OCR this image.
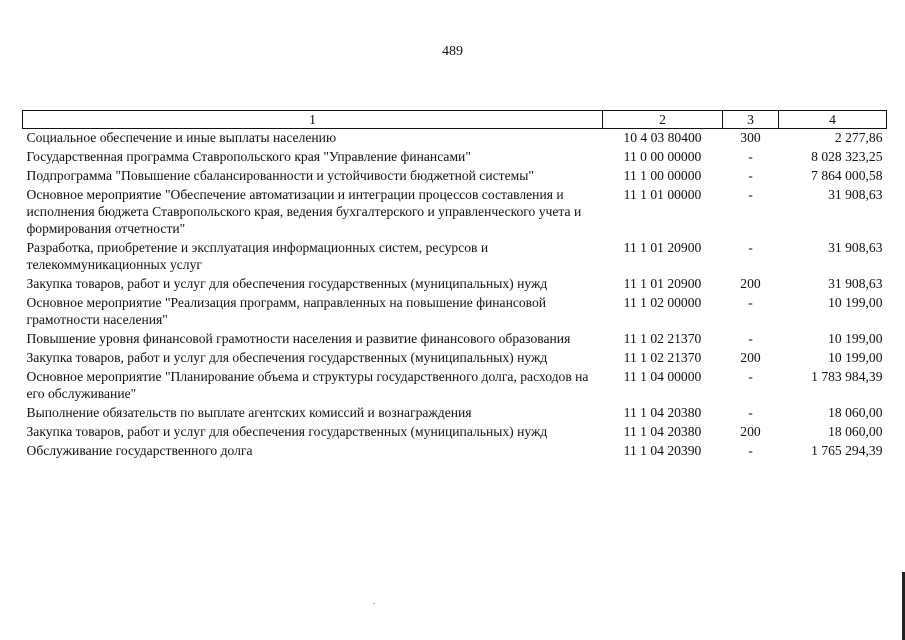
489
1	2	3	4
Социальное обеспечение и иные выплаты населению	10 4 03 80400	300	2 277,86
Государственная программа Ставропольского края "Управление финансами"	11 0 00 00000	-	8 028 323,25
Подпрограмма "Повышение сбалансированности и устойчивости бюджетной системы"	11 1 00 00000	-	7 864 000,58
Основное мероприятие "Обеспечение автоматизации и интеграции процессов составления и исполнения бюджета Ставропольского края, ведения бухгалтерского и управленческого учета и формирования отчетности"	11 1 01 00000	-	31 908,63
Разработка, приобретение и эксплуатация информационных систем, ресурсов и телекоммуникационных услуг	11 1 01 20900	-	31 908,63
Закупка товаров, работ и услуг для обеспечения государственных (муниципальных) нужд	11 1 01 20900	200	31 908,63
Основное мероприятие "Реализация программ, направленных на повышение финансовой грамотности населения"	11 1 02 00000	-	10 199,00
Повышение уровня финансовой грамотности населения и развитие финансового образования	11 1 02 21370	-	10 199,00
Закупка товаров, работ и услуг для обеспечения государственных (муниципальных) нужд	11 1 02 21370	200	10 199,00
Основное мероприятие "Планирование объема и структуры государственного долга, расходов на его обслуживание"	11 1 04 00000	-	1 783 984,39
Выполнение обязательств по выплате агентских комиссий и вознаграждения	11 1 04 20380	-	18 060,00
Закупка товаров, работ и услуг для обеспечения государственных (муниципальных) нужд	11 1 04 20380	200	18 060,00
Обслуживание государственного долга	11 1 04 20390	-	1 765 294,39
